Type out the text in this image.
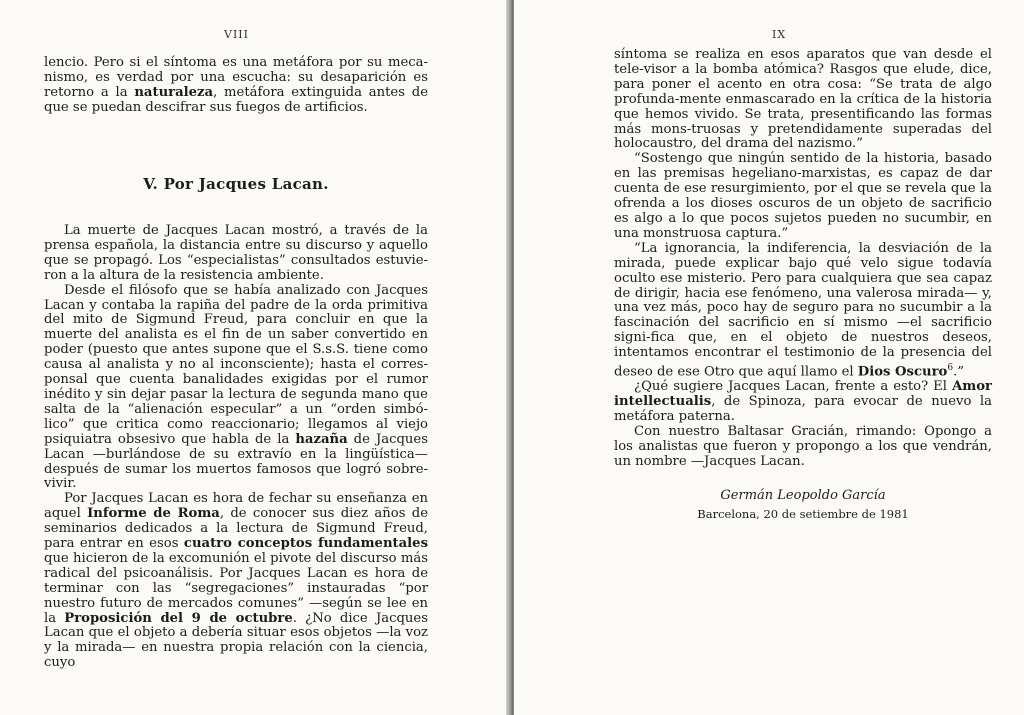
VIII
lencio. Pero si el síntoma es una metáfora por su meca-nismo, es verdad por una escucha: su desaparición es retorno a la naturaleza, metáfora extinguida antes de que se puedan descifrar sus fuegos de artificios.
V. Por Jacques Lacan.

La muerte de Jacques Lacan mostró, a través de la prensa española, la distancia entre su discurso y aquello que se propagó. Los “especialistas” consultados estuvie-ron a la altura de la resistencia ambiente.

Desde el filósofo que se había analizado con Jacques Lacan y contaba la rapiña del padre de la orda primitiva del mito de Sigmund Freud, para concluir en que la muerte del analista es el fin de un saber convertido en poder (puesto que antes supone que el S.s.S. tiene como causa al analista y no al inconsciente); hasta el corres-ponsal que cuenta banalidades exigidas por el rumor inédito y sin dejar pasar la lectura de segunda mano que salta de la “alienación especular” a un “orden simbó-lico” que critica como reaccionario; llegamos al viejo psiquiatra obsesivo que habla de la hazaña de Jacques Lacan —burlándose de su extravío en la lingüística— después de sumar los muertos famosos que logró sobre-vivir.

Por Jacques Lacan es hora de fechar su enseñanza en aquel Informe de Roma, de conocer sus diez años de seminarios dedicados a la lectura de Sigmund Freud, para entrar en esos cuatro conceptos fundamentales que hicieron de la excomunión el pivote del discurso más radical del psicoanálisis. Por Jacques Lacan es hora de terminar con las “segregaciones” instauradas “por nuestro futuro de mercados comunes” —según se lee en la Proposición del 9 de octubre. ¿No dice Jacques Lacan que el objeto a debería situar esos objetos —la voz y la mirada— en nuestra propia relación con la ciencia, cuyo

IX

síntoma se realiza en esos aparatos que van desde el tele-visor a la bomba atómica? Rasgos que elude, dice, para poner el acento en otra cosa: “Se trata de algo profunda-mente enmascarado en la crítica de la historia que hemos vivido. Se trata, presentificando las formas más mons-truosas y pretendidamente superadas del holocaustro, del drama del nazismo.”

“Sostengo que ningún sentido de la historia, basado en las premisas hegeliano-marxistas, es capaz de dar cuenta de ese resurgimiento, por el que se revela que la ofrenda a los dioses oscuros de un objeto de sacrificio es algo a lo que pocos sujetos pueden no sucumbir, en una monstruosa captura.”

“La ignorancia, la indiferencia, la desviación de la mirada, puede explicar bajo qué velo sigue todavía oculto ese misterio. Pero para cualquiera que sea capaz de dirigir, hacia ese fenómeno, una valerosa mirada— y, una vez más, poco hay de seguro para no sucumbir a la fascinación del sacrificio en sí mismo —el sacrificio signi-fica que, en el objeto de nuestros deseos, intentamos encontrar el testimonio de la presencia del deseo de ese Otro que aquí llamo el Dios Oscuro$^6$.”

¿Qué sugiere Jacques Lacan, frente a esto? El Amor intellectualis, de Spinoza, para evocar de nuevo la metáfora paterna.

Con nuestro Baltasar Gracián, rimando: Opongo a los analistas que fueron y propongo a los que vendrán, un nombre —Jacques Lacan.

Germán Leopoldo García
Barcelona, 20 de setiembre de 1981
